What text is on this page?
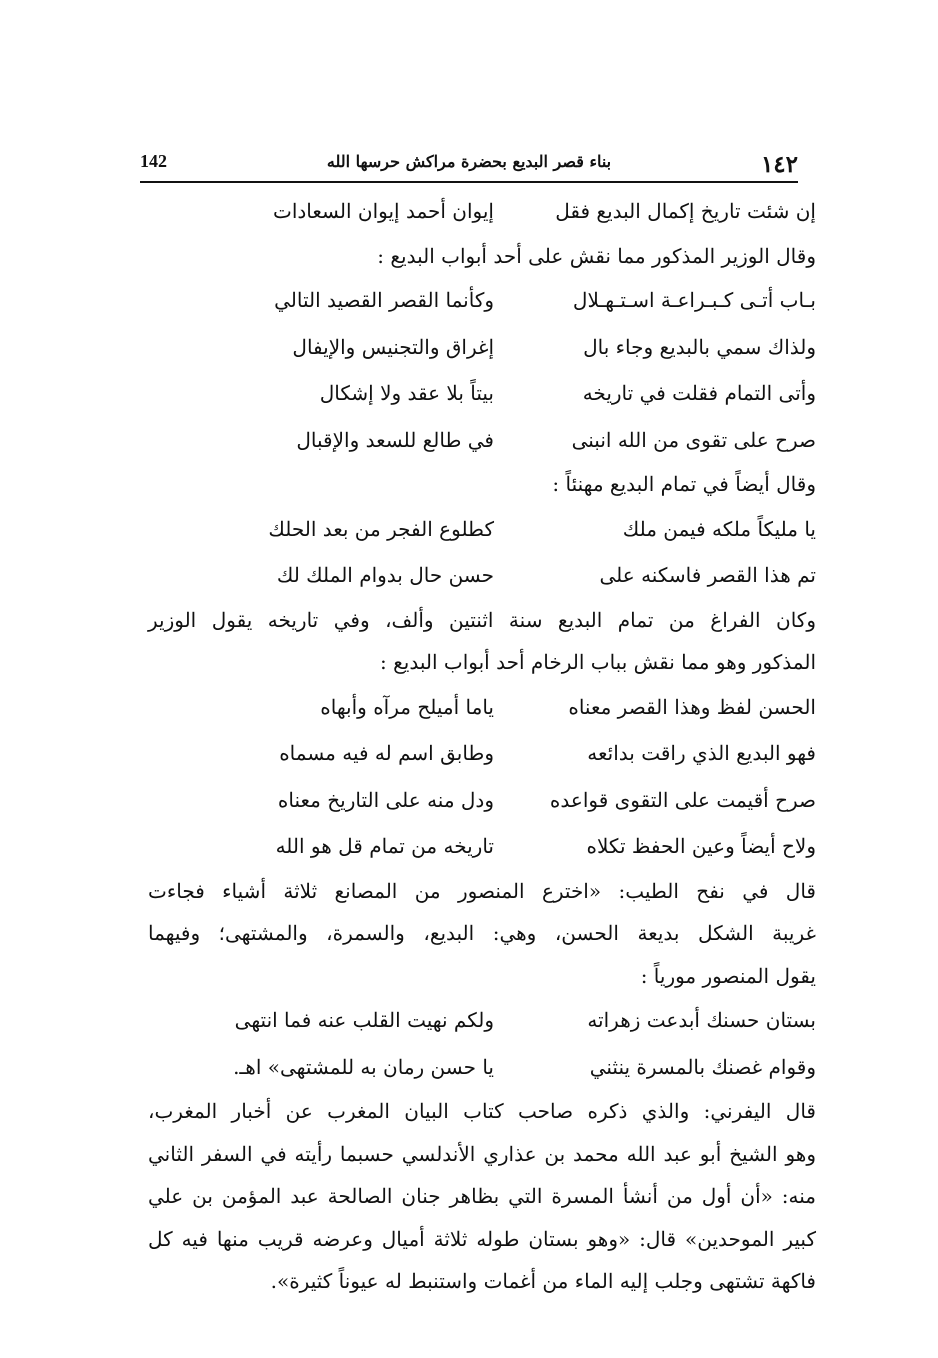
١٤٢
بناء قصر البديع بحضرة مراكش حرسها الله
142
إن شئت تاريخ إكمال البديع فقل
إيوان أحمد إيوان السعادات
وقال الوزير المذكور مما نقش على أحد أبواب البديع :
بـاب أتـى كـبـراعـة اسـتـهـلال
وكأنما القصر القصيد التالي
ولذاك سمي بالبديع وجاء بال
إغراق والتجنيس والإيفال
وأتى التمام فقلت في تاريخه
بيتاً بلا عقد ولا إشكال
صرح على تقوى من الله انبنى
في طالع للسعد والإقبال
وقال أيضاً في تمام البديع مهنئاً :
يا مليكاً ملكه فيمن ملك
كطلوع الفجر من بعد الحلك
تم هذا القصر فاسكنه على
حسن حال بدوام الملك لك
وكان الفراغ من تمام البديع سنة اثنتين وألف، وفي تاريخه يقول الوزير
المذكور وهو مما نقش بباب الرخام أحد أبواب البديع :
الحسن لفظ وهذا القصر معناه
ياما أميلح مرآه وأبهاه
فهو البديع الذي راقت بدائعه
وطابق اسم له فيه مسماه
صرح أقيمت على التقوى قواعده
ودل منه على التاريخ معناه
ولاح أيضاً وعين الحفظ تكلاه
تاريخه من تمام قل هو الله
قال في نفح الطيب: «اخترع المنصور من المصانع ثلاثة أشياء فجاءت
غريبة الشكل بديعة الحسن، وهي: البديع، والسمرة، والمشتهى؛ وفيهما
يقول المنصور مورياً :
بستان حسنك أبدعت زهراته
ولكم نهيت القلب عنه فما انتهى
وقوام غصنك بالمسرة ينثني
يا حسن رمان به للمشتهى» اهـ.
قال اليفرني: والذي ذكره صاحب كتاب البيان المغرب عن أخبار المغرب،
وهو الشيخ أبو عبد الله محمد بن عذاري الأندلسي حسبما رأيته في السفر الثاني
منه: «أن أول من أنشأ المسرة التي بظاهر جنان الصالحة عبد المؤمن بن علي
كبير الموحدين» قال: «وهو بستان طوله ثلاثة أميال وعرضه قريب منها فيه كل
فاكهة تشتهى وجلب إليه الماء من أغمات واستنبط له عيوناً كثيرة».
